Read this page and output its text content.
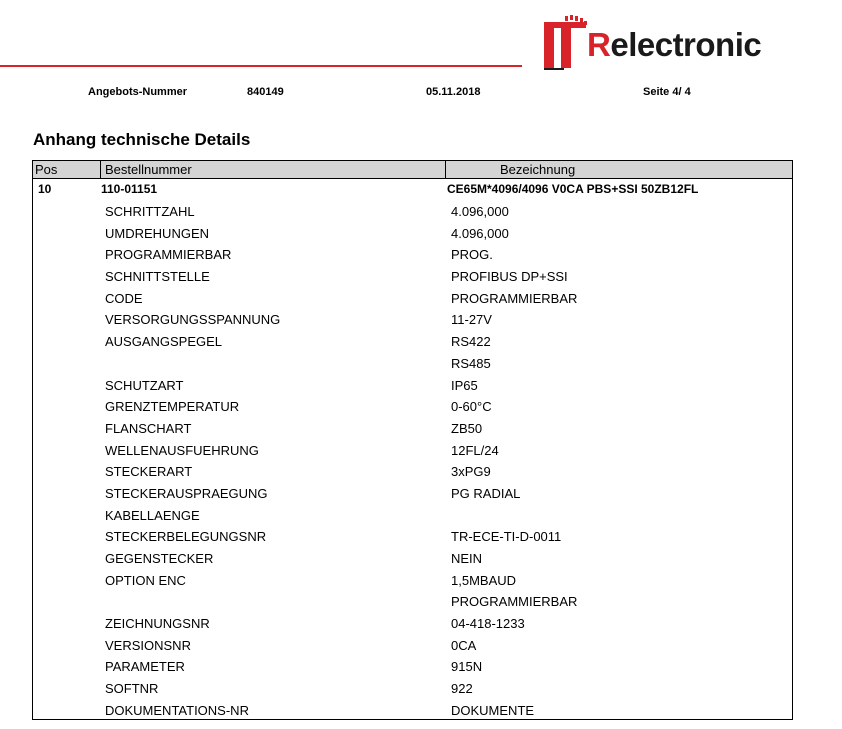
Relectronic
Angebots-Nummer	840149	05.11.2018	Seite 4/ 4
Anhang technische Details
Pos	Bestellnummer	Bezeichnung
10	110-01151	CE65M*4096/4096 V0CA PBS+SSI 50ZB12FL
SCHRITTZAHL	4.096,000
UMDREHUNGEN	4.096,000
PROGRAMMIERBAR	PROG.
SCHNITTSTELLE	PROFIBUS DP+SSI
CODE	PROGRAMMIERBAR
VERSORGUNGSSPANNUNG	11-27V
AUSGANGSPEGEL	RS422
RS485
SCHUTZART	IP65
GRENZTEMPERATUR	0-60°C
FLANSCHART	ZB50
WELLENAUSFUEHRUNG	12FL/24
STECKERART	3xPG9
STECKERAUSPRAEGUNG	PG RADIAL
KABELLAENGE
STECKERBELEGUNGSNR	TR-ECE-TI-D-0011
GEGENSTECKER	NEIN
OPTION ENC	1,5MBAUD
PROGRAMMIERBAR
ZEICHNUNGSNR	04-418-1233
VERSIONSNR	0CA
PARAMETER	915N
SOFTNR	922
DOKUMENTATIONS-NR	DOKUMENTE
